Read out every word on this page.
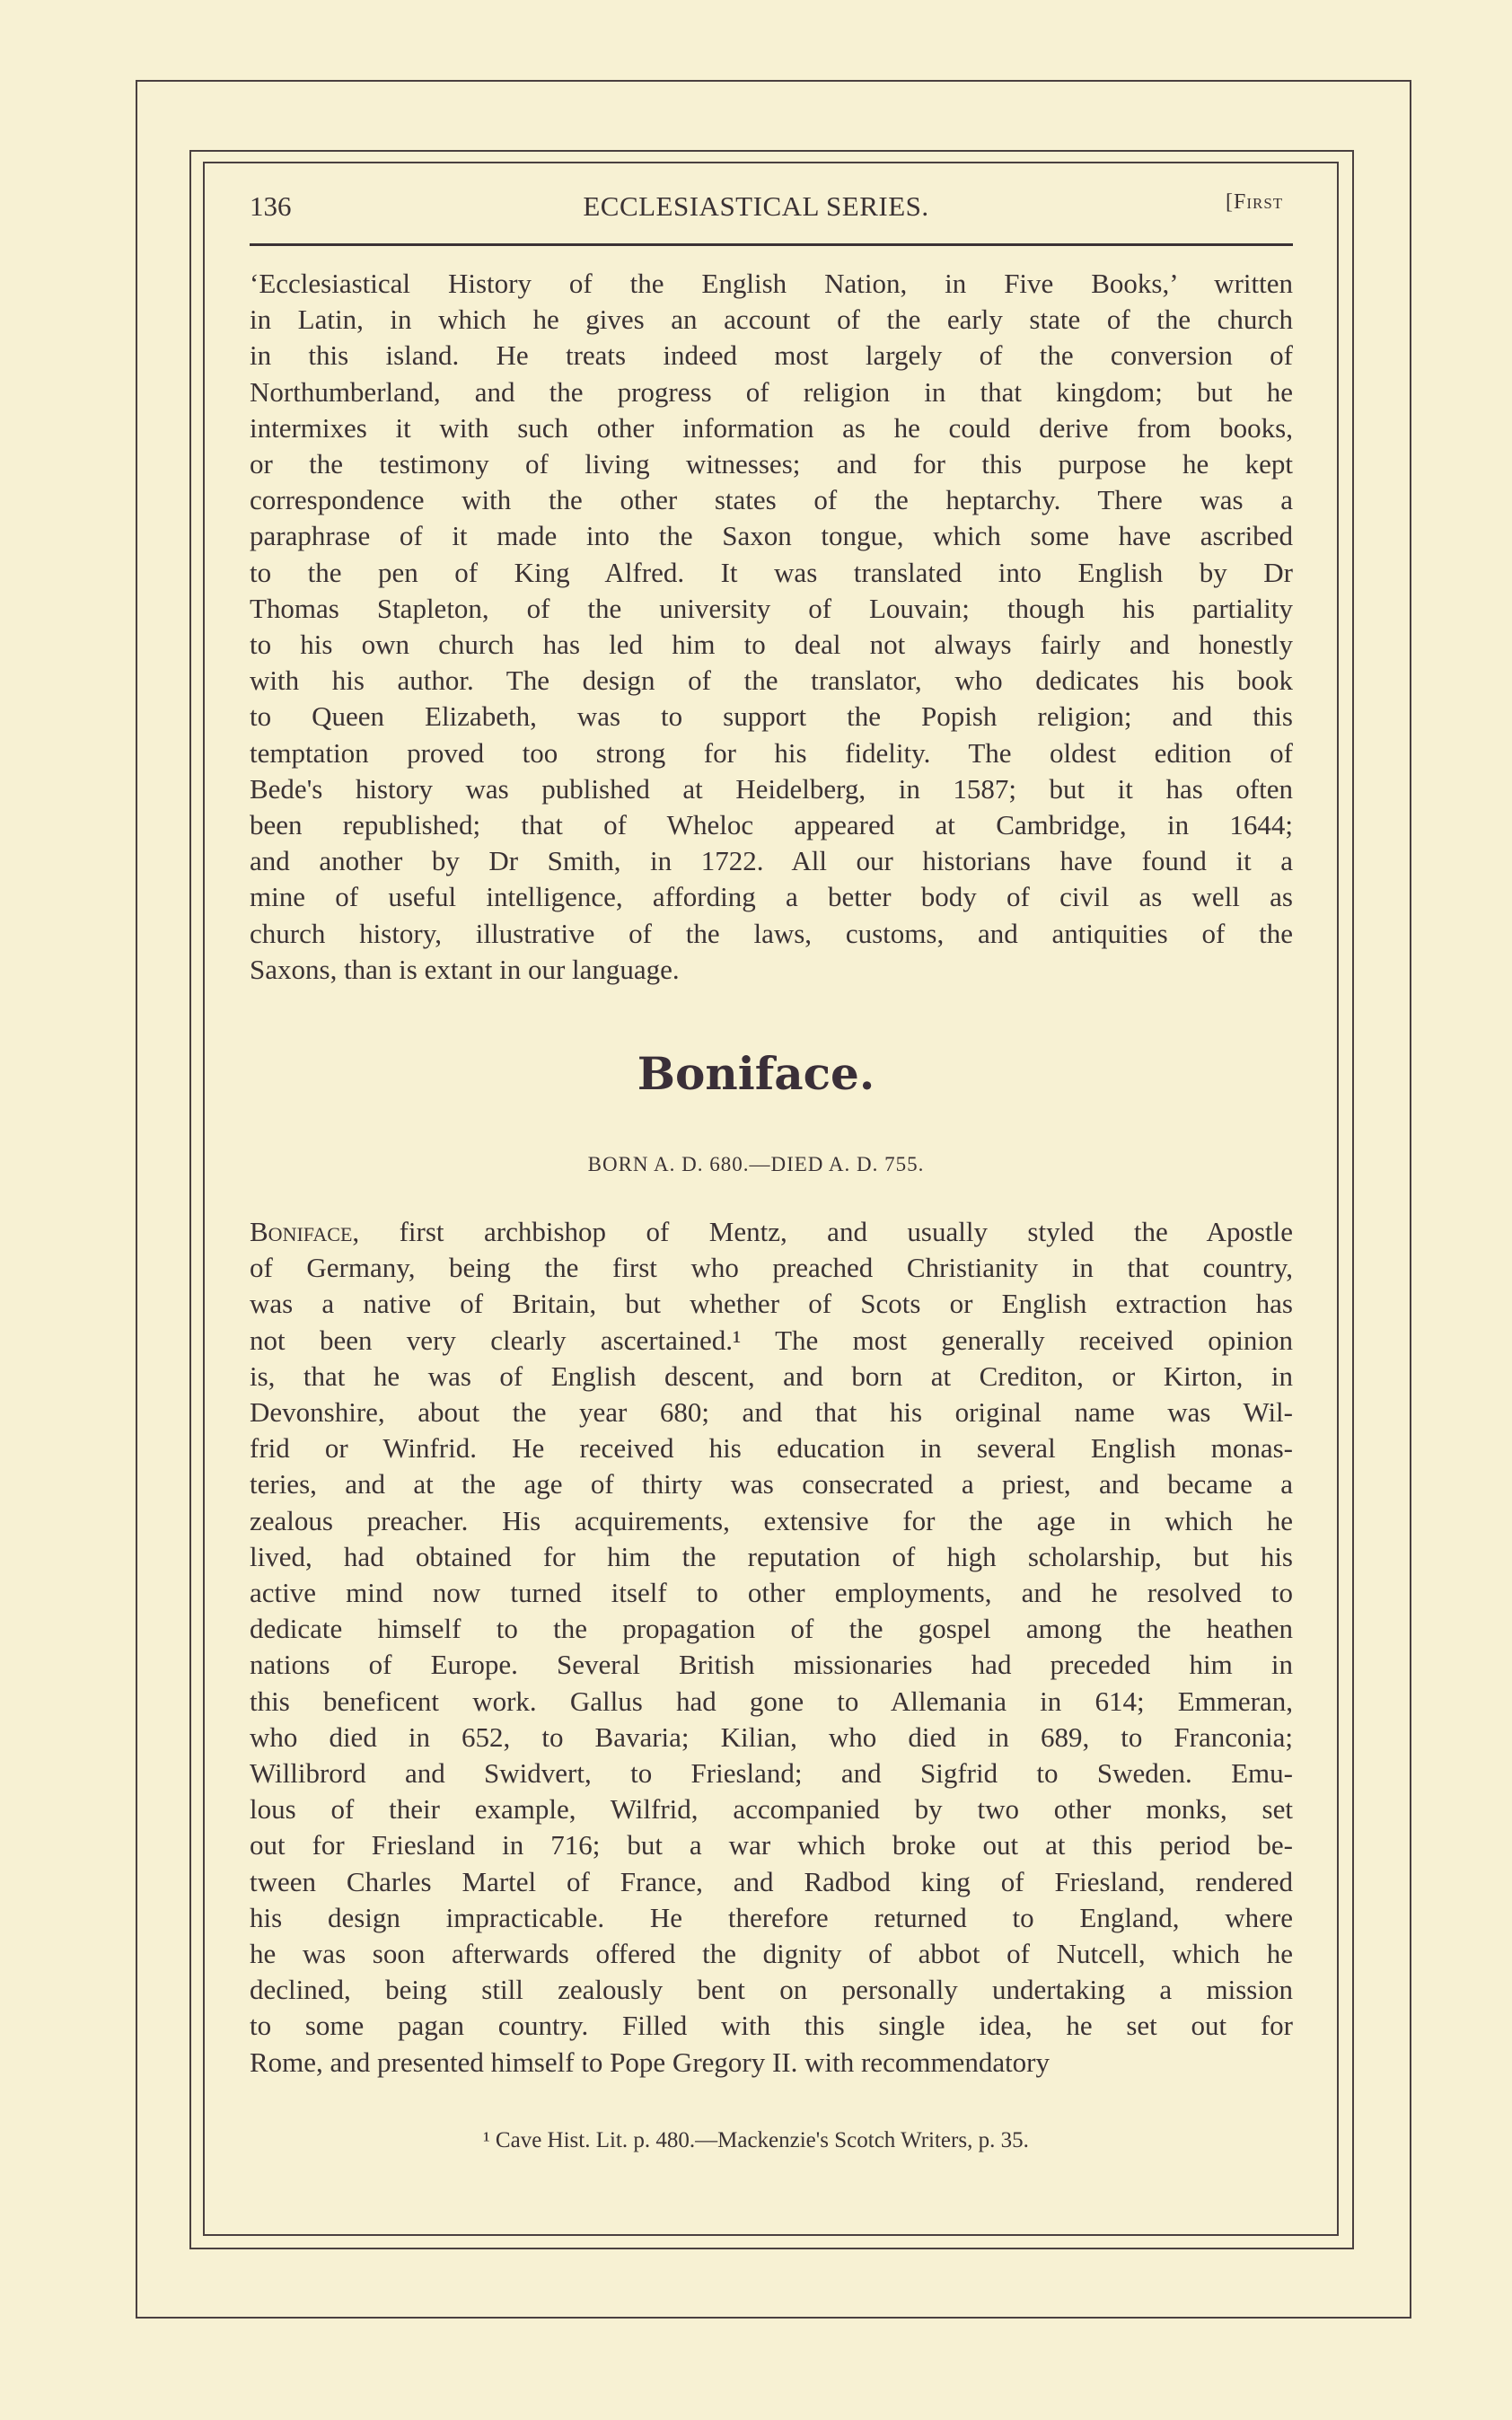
136	ECCLESIASTICAL SERIES.	[First
‘Ecclesiastical History of the English Nation, in Five Books,’ written
in Latin, in which he gives an account of the early state of the church
in this island. He treats indeed most largely of the conversion of
Northumberland, and the progress of religion in that kingdom; but he
intermixes it with such other information as he could derive from books,
or the testimony of living witnesses; and for this purpose he kept
correspondence with the other states of the heptarchy. There was a
paraphrase of it made into the Saxon tongue, which some have ascribed
to the pen of King Alfred. It was translated into English by Dr
Thomas Stapleton, of the university of Louvain; though his partiality
to his own church has led him to deal not always fairly and honestly
with his author. The design of the translator, who dedicates his book
to Queen Elizabeth, was to support the Popish religion; and this
temptation proved too strong for his fidelity. The oldest edition of
Bede's history was published at Heidelberg, in 1587; but it has often
been republished; that of Wheloc appeared at Cambridge, in 1644;
and another by Dr Smith, in 1722. All our historians have found it a
mine of useful intelligence, affording a better body of civil as well as
church history, illustrative of the laws, customs, and antiquities of the
Saxons, than is extant in our language.
Boniface.
BORN A. D. 680.—DIED A. D. 755.
Boniface, first archbishop of Mentz, and usually styled the Apostle
of Germany, being the first who preached Christianity in that country,
was a native of Britain, but whether of Scots or English extraction has
not been very clearly ascertained.¹ The most generally received opinion
is, that he was of English descent, and born at Crediton, or Kirton, in
Devonshire, about the year 680; and that his original name was Wil-
frid or Winfrid. He received his education in several English monas-
teries, and at the age of thirty was consecrated a priest, and became a
zealous preacher. His acquirements, extensive for the age in which he
lived, had obtained for him the reputation of high scholarship, but his
active mind now turned itself to other employments, and he resolved to
dedicate himself to the propagation of the gospel among the heathen
nations of Europe. Several British missionaries had preceded him in
this beneficent work. Gallus had gone to Allemania in 614; Emmeran,
who died in 652, to Bavaria; Kilian, who died in 689, to Franconia;
Willibrord and Swidvert, to Friesland; and Sigfrid to Sweden. Emu-
lous of their example, Wilfrid, accompanied by two other monks, set
out for Friesland in 716; but a war which broke out at this period be-
tween Charles Martel of France, and Radbod king of Friesland, rendered
his design impracticable. He therefore returned to England, where
he was soon afterwards offered the dignity of abbot of Nutcell, which he
declined, being still zealously bent on personally undertaking a mission
to some pagan country. Filled with this single idea, he set out for
Rome, and presented himself to Pope Gregory II. with recommendatory
¹ Cave Hist. Lit. p. 480.—Mackenzie's Scotch Writers, p. 35.
